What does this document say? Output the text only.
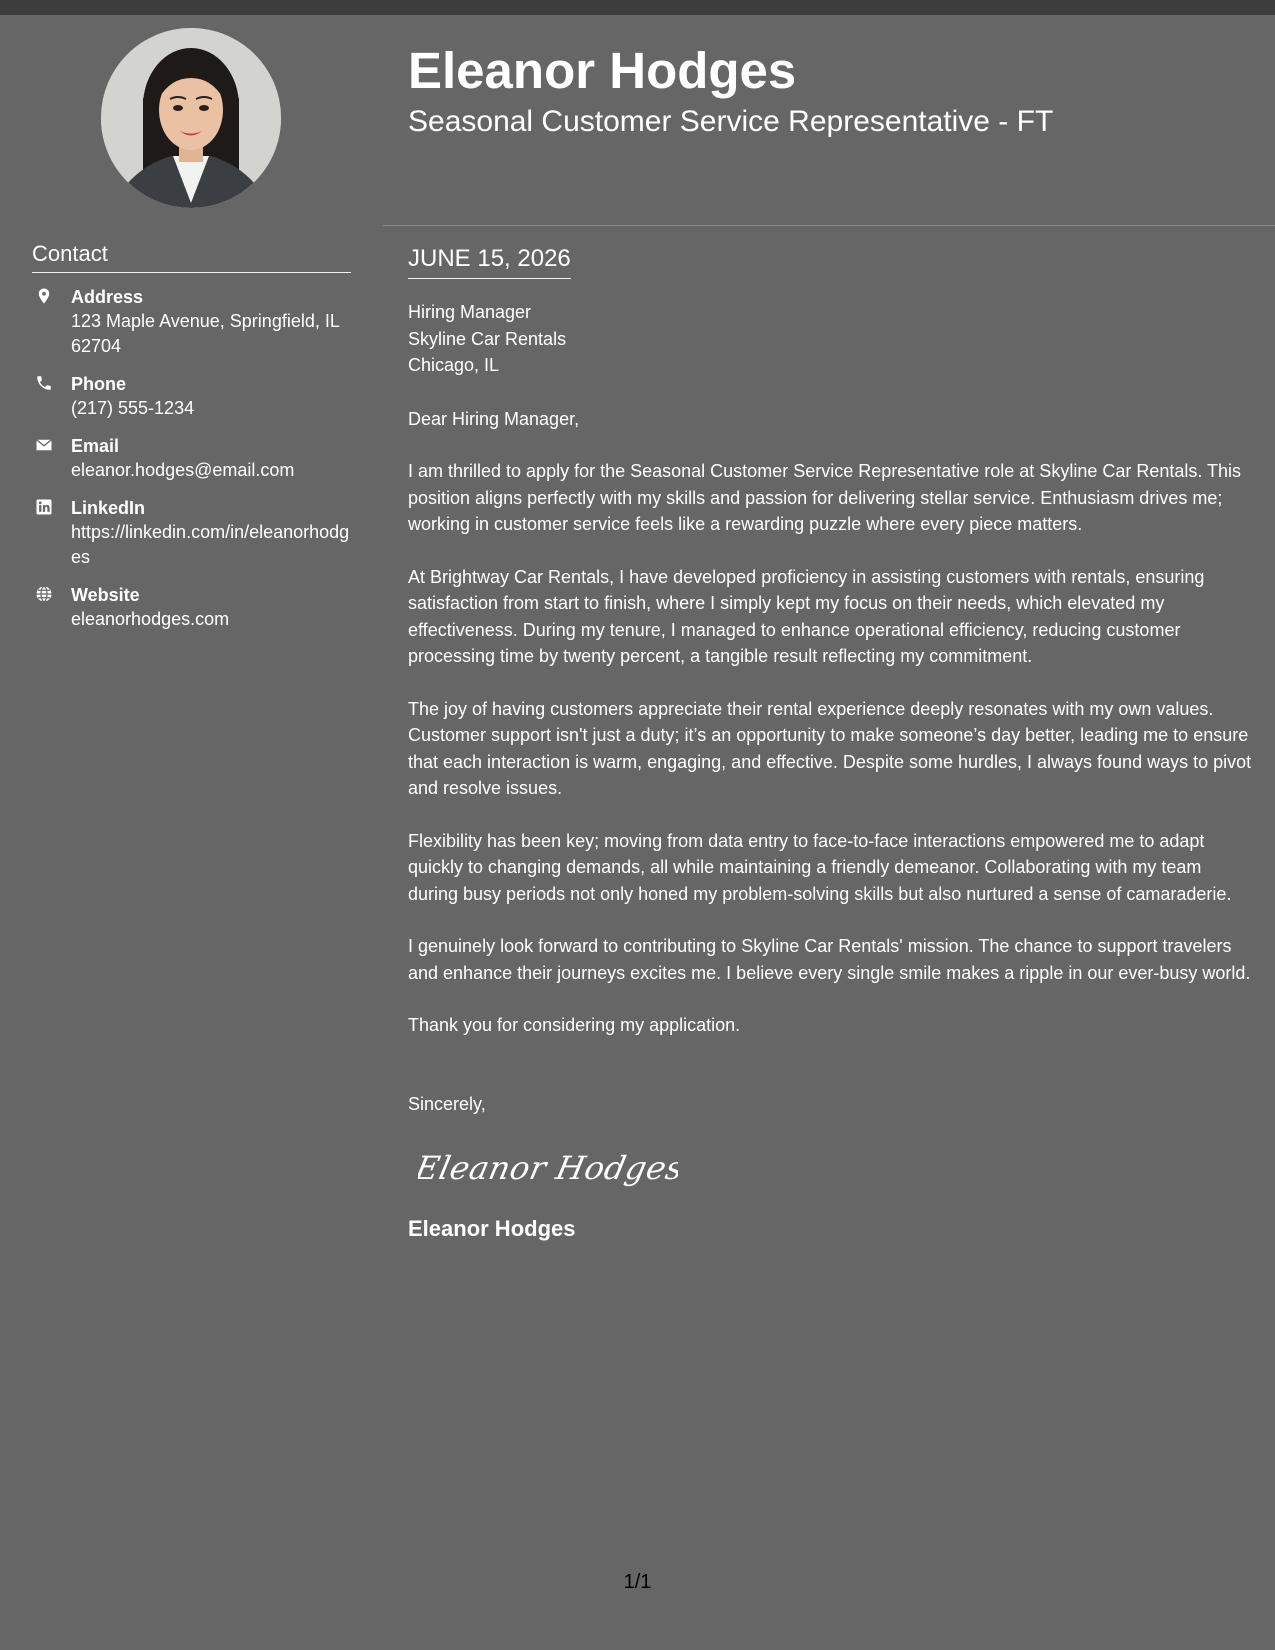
Contact
Address
123 Maple Avenue, Springfield, IL 62704
Phone
(217) 555-1234
Email
eleanor.hodges@email.com
LinkedIn
https://linkedin.com/in/eleanorhodges
Website
eleanorhodges.com
Eleanor Hodges
Seasonal Customer Service Representative - FT
JUNE 15, 2026
Hiring Manager
Skyline Car Rentals
Chicago, IL
Dear Hiring Manager,
I am thrilled to apply for the Seasonal Customer Service Representative role at Skyline Car Rentals. This position aligns perfectly with my skills and passion for delivering stellar service. Enthusiasm drives me; working in customer service feels like a rewarding puzzle where every piece matters.
At Brightway Car Rentals, I have developed proficiency in assisting customers with rentals, ensuring satisfaction from start to finish, where I simply kept my focus on their needs, which elevated my effectiveness. During my tenure, I managed to enhance operational efficiency, reducing customer processing time by twenty percent, a tangible result reflecting my commitment.
The joy of having customers appreciate their rental experience deeply resonates with my own values. Customer support isn't just a duty; it’s an opportunity to make someone’s day better, leading me to ensure that each interaction is warm, engaging, and effective. Despite some hurdles, I always found ways to pivot and resolve issues.
Flexibility has been key; moving from data entry to face-to-face interactions empowered me to adapt quickly to changing demands, all while maintaining a friendly demeanor. Collaborating with my team during busy periods not only honed my problem-solving skills but also nurtured a sense of camaraderie.
I genuinely look forward to contributing to Skyline Car Rentals' mission. The chance to support travelers and enhance their journeys excites me. I believe every single smile makes a ripple in our ever-busy world.
Thank you for considering my application.
Sincerely,
Eleanor Hodges
Eleanor Hodges
1/1
